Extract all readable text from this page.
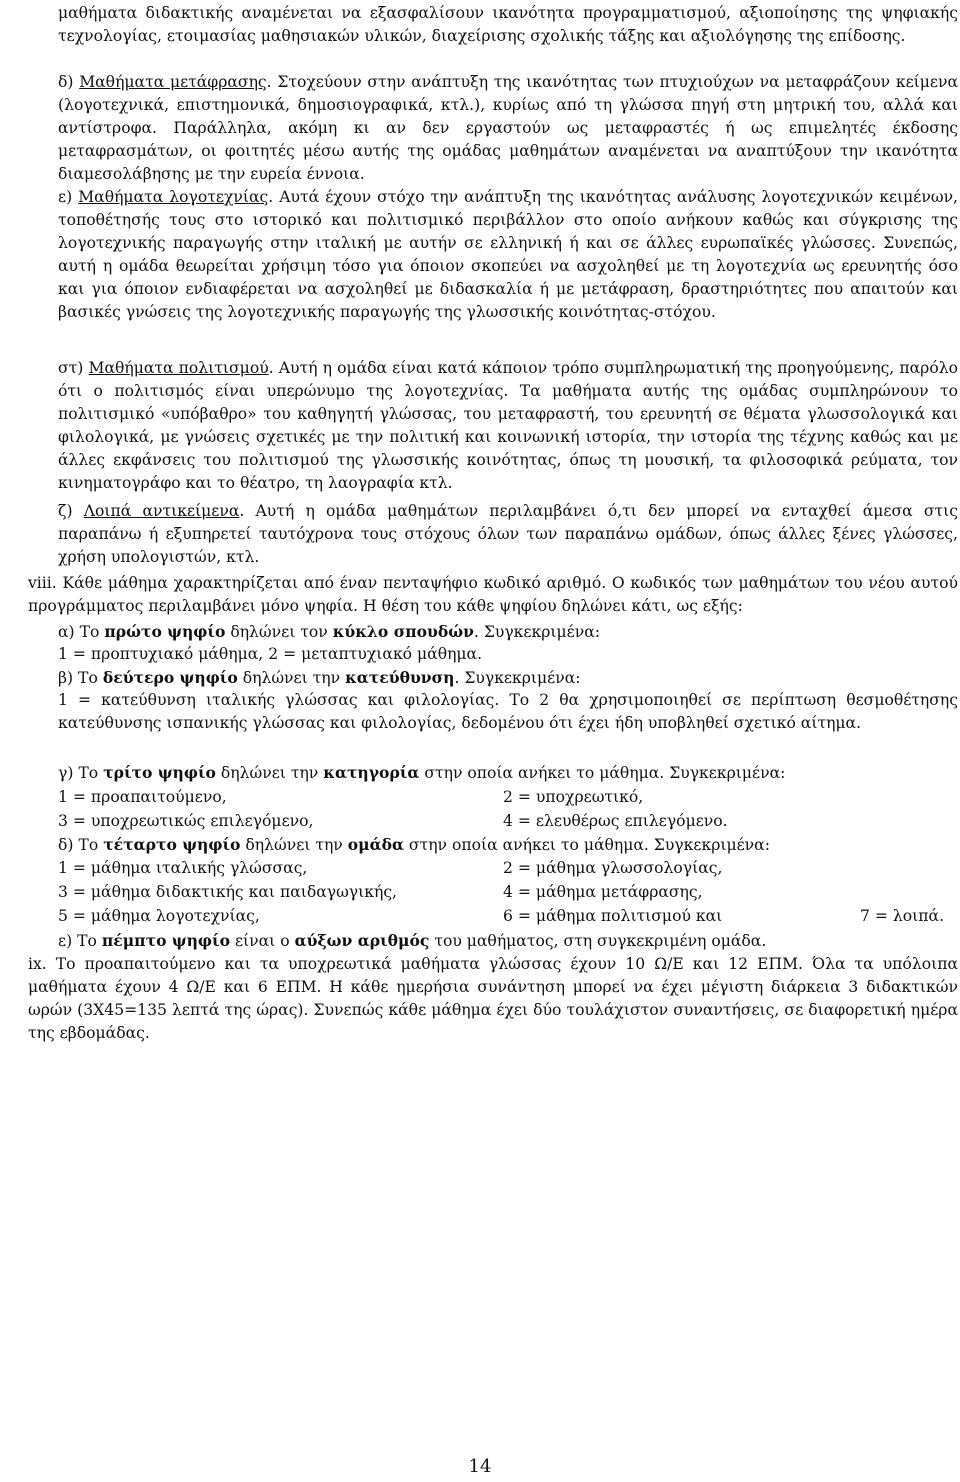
μαθήματα διδακτικής αναμένεται να εξασφαλίσουν ικανότητα προγραμματισμού, αξιοποίησης της ψηφιακής τεχνολογίας, ετοιμασίας μαθησιακών υλικών, διαχείρισης σχολικής τάξης και αξιολόγησης της επίδοσης.
δ) Μαθήματα μετάφρασης. Στοχεύουν στην ανάπτυξη της ικανότητας των πτυχιούχων να μεταφράζουν κείμενα (λογοτεχνικά, επιστημονικά, δημοσιογραφικά, κτλ.), κυρίως από τη γλώσσα πηγή στη μητρική του, αλλά και αντίστροφα. Παράλληλα, ακόμη κι αν δεν εργαστούν ως μεταφραστές ή ως επιμελητές έκδοσης μεταφρασμάτων, οι φοιτητές μέσω αυτής της ομάδας μαθημάτων αναμένεται να αναπτύξουν την ικανότητα διαμεσολάβησης με την ευρεία έννοια.
ε) Μαθήματα λογοτεχνίας. Αυτά έχουν στόχο την ανάπτυξη της ικανότητας ανάλυσης λογοτεχνικών κειμένων, τοποθέτησής τους στο ιστορικό και πολιτισμικό περιβάλλον στο οποίο ανήκουν καθώς και σύγκρισης της λογοτεχνικής παραγωγής στην ιταλική με αυτήν σε ελληνική ή και σε άλλες ευρωπαϊκές γλώσσες. Συνεπώς, αυτή η ομάδα θεωρείται χρήσιμη τόσο για όποιον σκοπεύει να ασχοληθεί με τη λογοτεχνία ως ερευνητής όσο και για όποιον ενδιαφέρεται να ασχοληθεί με διδασκαλία ή με μετάφραση, δραστηριότητες που απαιτούν και βασικές γνώσεις της λογοτεχνικής παραγωγής της γλωσσικής κοινότητας-στόχου.
στ) Μαθήματα πολιτισμού. Αυτή η ομάδα είναι κατά κάποιον τρόπο συμπληρωματική της προηγούμενης, παρόλο ότι ο πολιτισμός είναι υπερώνυμο της λογοτεχνίας. Τα μαθήματα αυτής της ομάδας συμπληρώνουν το πολιτισμικό «υπόβαθρο» του καθηγητή γλώσσας, του μεταφραστή, του ερευνητή σε θέματα γλωσσολογικά και φιλολογικά, με γνώσεις σχετικές με την πολιτική και κοινωνική ιστορία, την ιστορία της τέχνης καθώς και με άλλες εκφάνσεις του πολιτισμού της γλωσσικής κοινότητας, όπως τη μουσική, τα φιλοσοφικά ρεύματα, τον κινηματογράφο και το θέατρο, τη λαογραφία κτλ.
ζ) Λοιπά αντικείμενα. Αυτή η ομάδα μαθημάτων περιλαμβάνει ό,τι δεν μπορεί να ενταχθεί άμεσα στις παραπάνω ή εξυπηρετεί ταυτόχρονα τους στόχους όλων των παραπάνω ομάδων, όπως άλλες ξένες γλώσσες, χρήση υπολογιστών, κτλ.
viii. Κάθε μάθημα χαρακτηρίζεται από έναν πενταψήφιο κωδικό αριθμό. Ο κωδικός των μαθημάτων του νέου αυτού προγράμματος περιλαμβάνει μόνο ψηφία. Η θέση του κάθε ψηφίου δηλώνει κάτι, ως εξής:
α) Το πρώτο ψηφίο δηλώνει τον κύκλο σπουδών. Συγκεκριμένα:
1 = προπτυχιακό μάθημα, 2 = μεταπτυχιακό μάθημα.
β) Το δεύτερο ψηφίο δηλώνει την κατεύθυνση. Συγκεκριμένα:
1 = κατεύθυνση ιταλικής γλώσσας και φιλολογίας. Το 2 θα χρησιμοποιηθεί σε περίπτωση θεσμοθέτησης κατεύθυνσης ισπανικής γλώσσας και φιλολογίας, δεδομένου ότι έχει ήδη υποβληθεί σχετικό αίτημα.
γ) Το τρίτο ψηφίο δηλώνει την κατηγορία στην οποία ανήκει το μάθημα. Συγκεκριμένα:
1 = προαπαιτούμενο,	2 = υποχρεωτικό,
3 = υποχρεωτικώς επιλεγόμενο,	4 = ελευθέρως επιλεγόμενο.
δ) Το τέταρτο ψηφίο δηλώνει την ομάδα στην οποία ανήκει το μάθημα. Συγκεκριμένα:
1 = μάθημα ιταλικής γλώσσας,	2 = μάθημα γλωσσολογίας,
3 = μάθημα διδακτικής και παιδαγωγικής,	4 = μάθημα μετάφρασης,
5 = μάθημα λογοτεχνίας,	6 = μάθημα πολιτισμού και	7 = λοιπά.
ε) Το πέμπτο ψηφίο είναι ο αύξων αριθμός του μαθήματος, στη συγκεκριμένη ομάδα.
ix. Το προαπαιτούμενο και τα υποχρεωτικά μαθήματα γλώσσας έχουν 10 Ω/Ε και 12 ΕΠΜ. Όλα τα υπόλοιπα μαθήματα έχουν 4 Ω/Ε και 6 ΕΠΜ. Η κάθε ημερήσια συνάντηση μπορεί να έχει μέγιστη διάρκεια 3 διδακτικών ωρών (3Χ45=135 λεπτά της ώρας). Συνεπώς κάθε μάθημα έχει δύο τουλάχιστον συναντήσεις, σε διαφορετική ημέρα της εβδομάδας.
14
